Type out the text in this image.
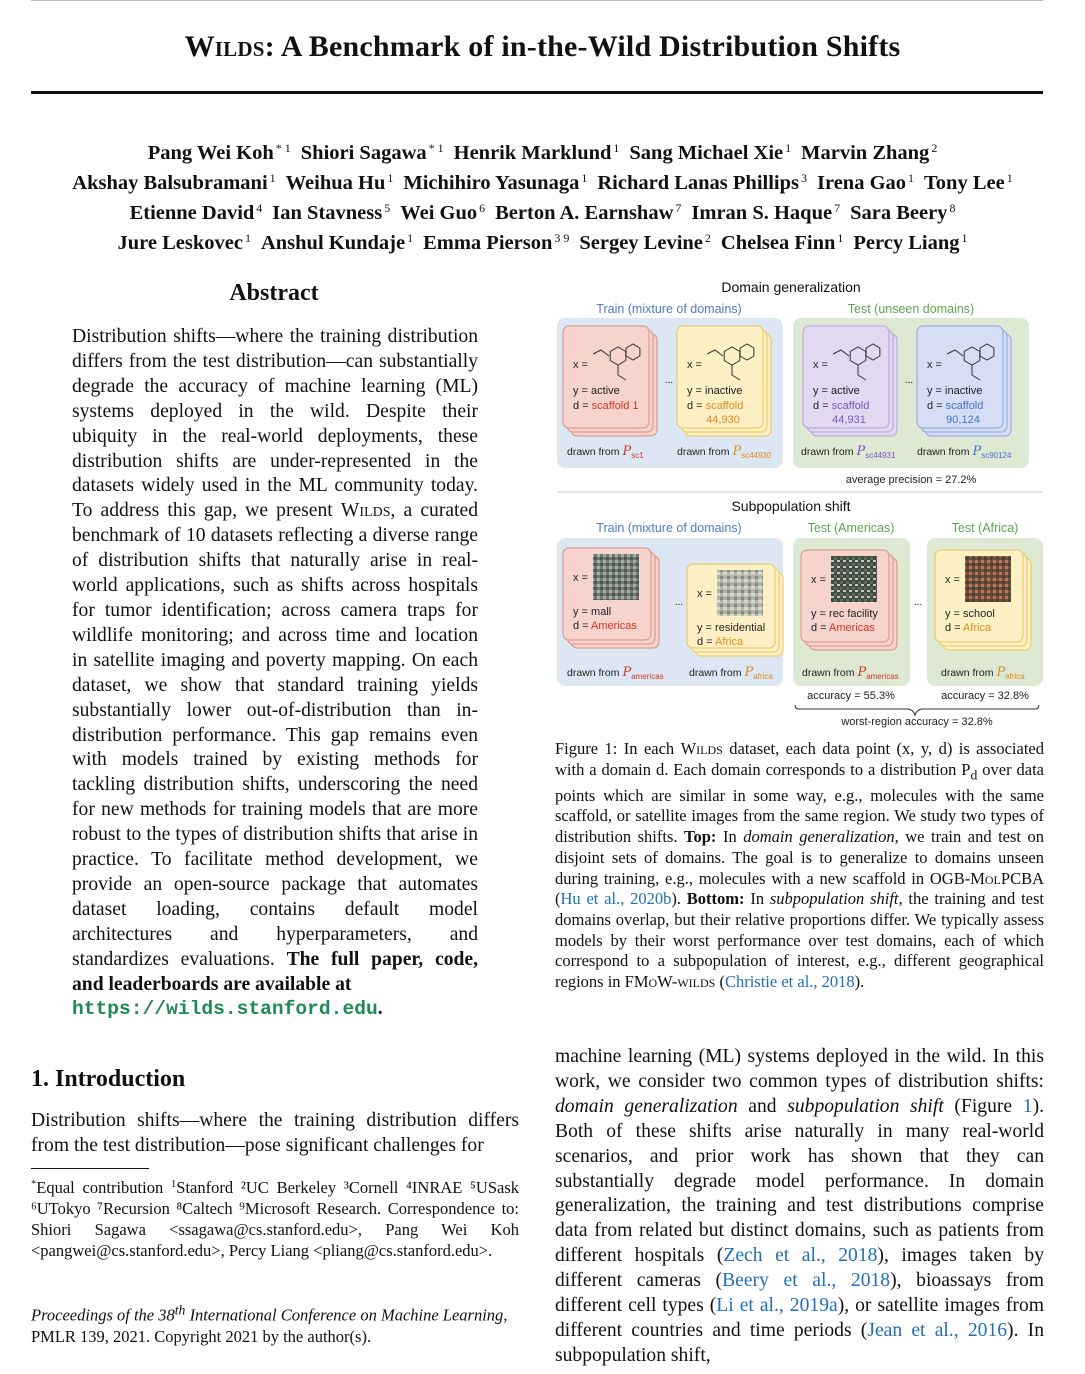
Wilds: A Benchmark of in-the-Wild Distribution Shifts
Pang Wei Koh $^{* 1}$ Shiori Sagawa $^{* 1}$ Henrik Marklund $^1$ Sang Michael Xie $^1$ Marvin Zhang $^2$
Akshay Balsubramani $^1$ Weihua Hu $^1$ Michihiro Yasunaga $^1$ Richard Lanas Phillips $^3$ Irena Gao $^1$ Tony Lee $^1$
Etienne David $^4$ Ian Stavness $^5$ Wei Guo $^6$ Berton A. Earnshaw $^7$ Imran S. Haque $^7$ Sara Beery $^8$
Jure Leskovec $^1$ Anshul Kundaje $^1$ Emma Pierson $^{3 9}$ Sergey Levine $^2$ Chelsea Finn $^1$ Percy Liang $^1$
Abstract
Distribution shifts—where the training distribution differs from the test distribution—can substantially degrade the accuracy of machine learning (ML) systems deployed in the wild. Despite their ubiquity in the real-world deployments, these distribution shifts are under-represented in the datasets widely used in the ML community today. To address this gap, we present Wilds, a curated benchmark of 10 datasets reflecting a diverse range of distribution shifts that naturally arise in real-world applications, such as shifts across hospitals for tumor identification; across camera traps for wildlife monitoring; and across time and location in satellite imaging and poverty mapping. On each dataset, we show that standard training yields substantially lower out-of-distribution than in-distribution performance. This gap remains even with models trained by existing methods for tackling distribution shifts, underscoring the need for new methods for training models that are more robust to the types of distribution shifts that arise in practice. To facilitate method development, we provide an open-source package that automates dataset loading, contains default model architectures and hyperparameters, and standardizes evaluations. The full paper, code, and leaderboards are available at
https://wilds.stanford.edu.
1. Introduction
Distribution shifts—where the training distribution differs from the test distribution—pose significant challenges for
*Equal contribution $^1$Stanford ²UC Berkeley ³Cornell ⁴INRAE ⁵USask ⁶UTokyo ⁷Recursion ⁸Caltech ⁹Microsoft Research. Correspondence to: Shiori Sagawa <ssagawa@cs.stanford.edu>, Pang Wei Koh <pangwei@cs.stanford.edu>, Percy Liang <pliang@cs.stanford.edu>.
Proceedings of the 38th International Conference on Machine Learning, PMLR 139, 2021. Copyright 2021 by the author(s).
Domain generalization
Train (mixture of domains)	Test (unseen domains)
x =
y = active
d = scaffold 1
drawn from $P_{sc1}$
x =
y = inactive
d = scaffold
44,930
drawn from $P_{sc44930}$
x =
y = active
d = scaffold
44,931
drawn from $P_{sc44931}$
x =
y = inactive
d = scaffold
90,124
drawn from $P_{sc90124}$
...	...
average precision = 27.2%
Subpopulation shift
Train (mixture of domains)	Test (Americas)	Test (Africa)
x =
y = mall
d = Americas
drawn from $P_{americas}$
x =
y = residential
d = Africa
drawn from $P_{africa}$
x =
y = rec facility
d = Americas
drawn from $P_{americas}$
x =
y = school
d = Africa
drawn from $P_{africa}$
...	...
accuracy = 55.3%	accuracy = 32.8%
worst-region accuracy = 32.8%
Figure 1: In each Wilds dataset, each data point (x, y, d) is associated with a domain d. Each domain corresponds to a distribution $P_d$ over data points which are similar in some way, e.g., molecules with the same scaffold, or satellite images from the same region. We study two types of distribution shifts. Top: In domain generalization, we train and test on disjoint sets of domains. The goal is to generalize to domains unseen during training, e.g., molecules with a new scaffold in OGB-MolPCBA (Hu et al., 2020b). Bottom: In subpopulation shift, the training and test domains overlap, but their relative proportions differ. We typically assess models by their worst performance over test domains, each of which correspond to a subpopulation of interest, e.g., different geographical regions in FMoW-wilds (Christie et al., 2018).
machine learning (ML) systems deployed in the wild. In this work, we consider two common types of distribution shifts: domain generalization and subpopulation shift (Figure 1). Both of these shifts arise naturally in many real-world scenarios, and prior work has shown that they can substantially degrade model performance. In domain generalization, the training and test distributions comprise data from related but distinct domains, such as patients from different hospitals (Zech et al., 2018), images taken by different cameras (Beery et al., 2018), bioassays from different cell types (Li et al., 2019a), or satellite images from different countries and time periods (Jean et al., 2016). In subpopulation shift,
